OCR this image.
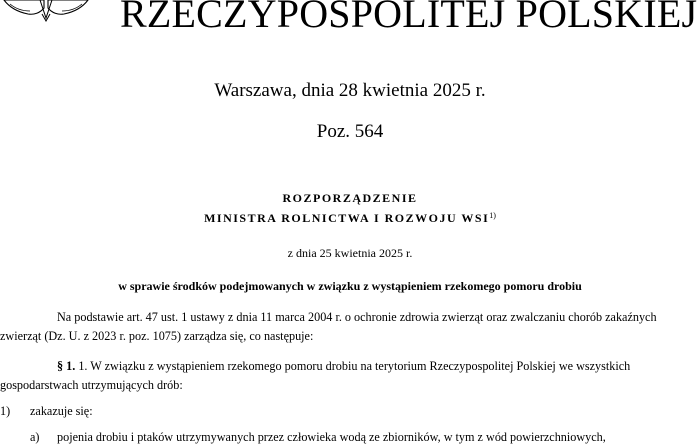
RZECZYPOSPOLITEJ POLSKIEJ
Warszawa, dnia 28 kwietnia 2025 r.
Poz. 564
ROZPORZĄDZENIE
MINISTRA ROLNICTWA I ROZWOJU WSI$^{1)}$
z dnia 25 kwietnia 2025 r.
w sprawie środków podejmowanych w związku z wystąpieniem rzekomego pomoru drobiu
Na podstawie art. 47 ust. 1 ustawy z dnia 11 marca 2004 r. o ochronie zdrowia zwierząt oraz zwalczaniu chorób zakaźnych
zwierząt (Dz. U. z 2023 r. poz. 1075) zarządza się, co następuje:
§ 1. 1. W związku z wystąpieniem rzekomego pomoru drobiu na terytorium Rzeczypospolitej Polskiej we wszystkich
gospodarstwach utrzymujących drób:
1) zakazuje się:
a) pojenia drobiu i ptaków utrzymywanych przez człowieka wodą ze zbiorników, w tym z wód powierzchniowych,
